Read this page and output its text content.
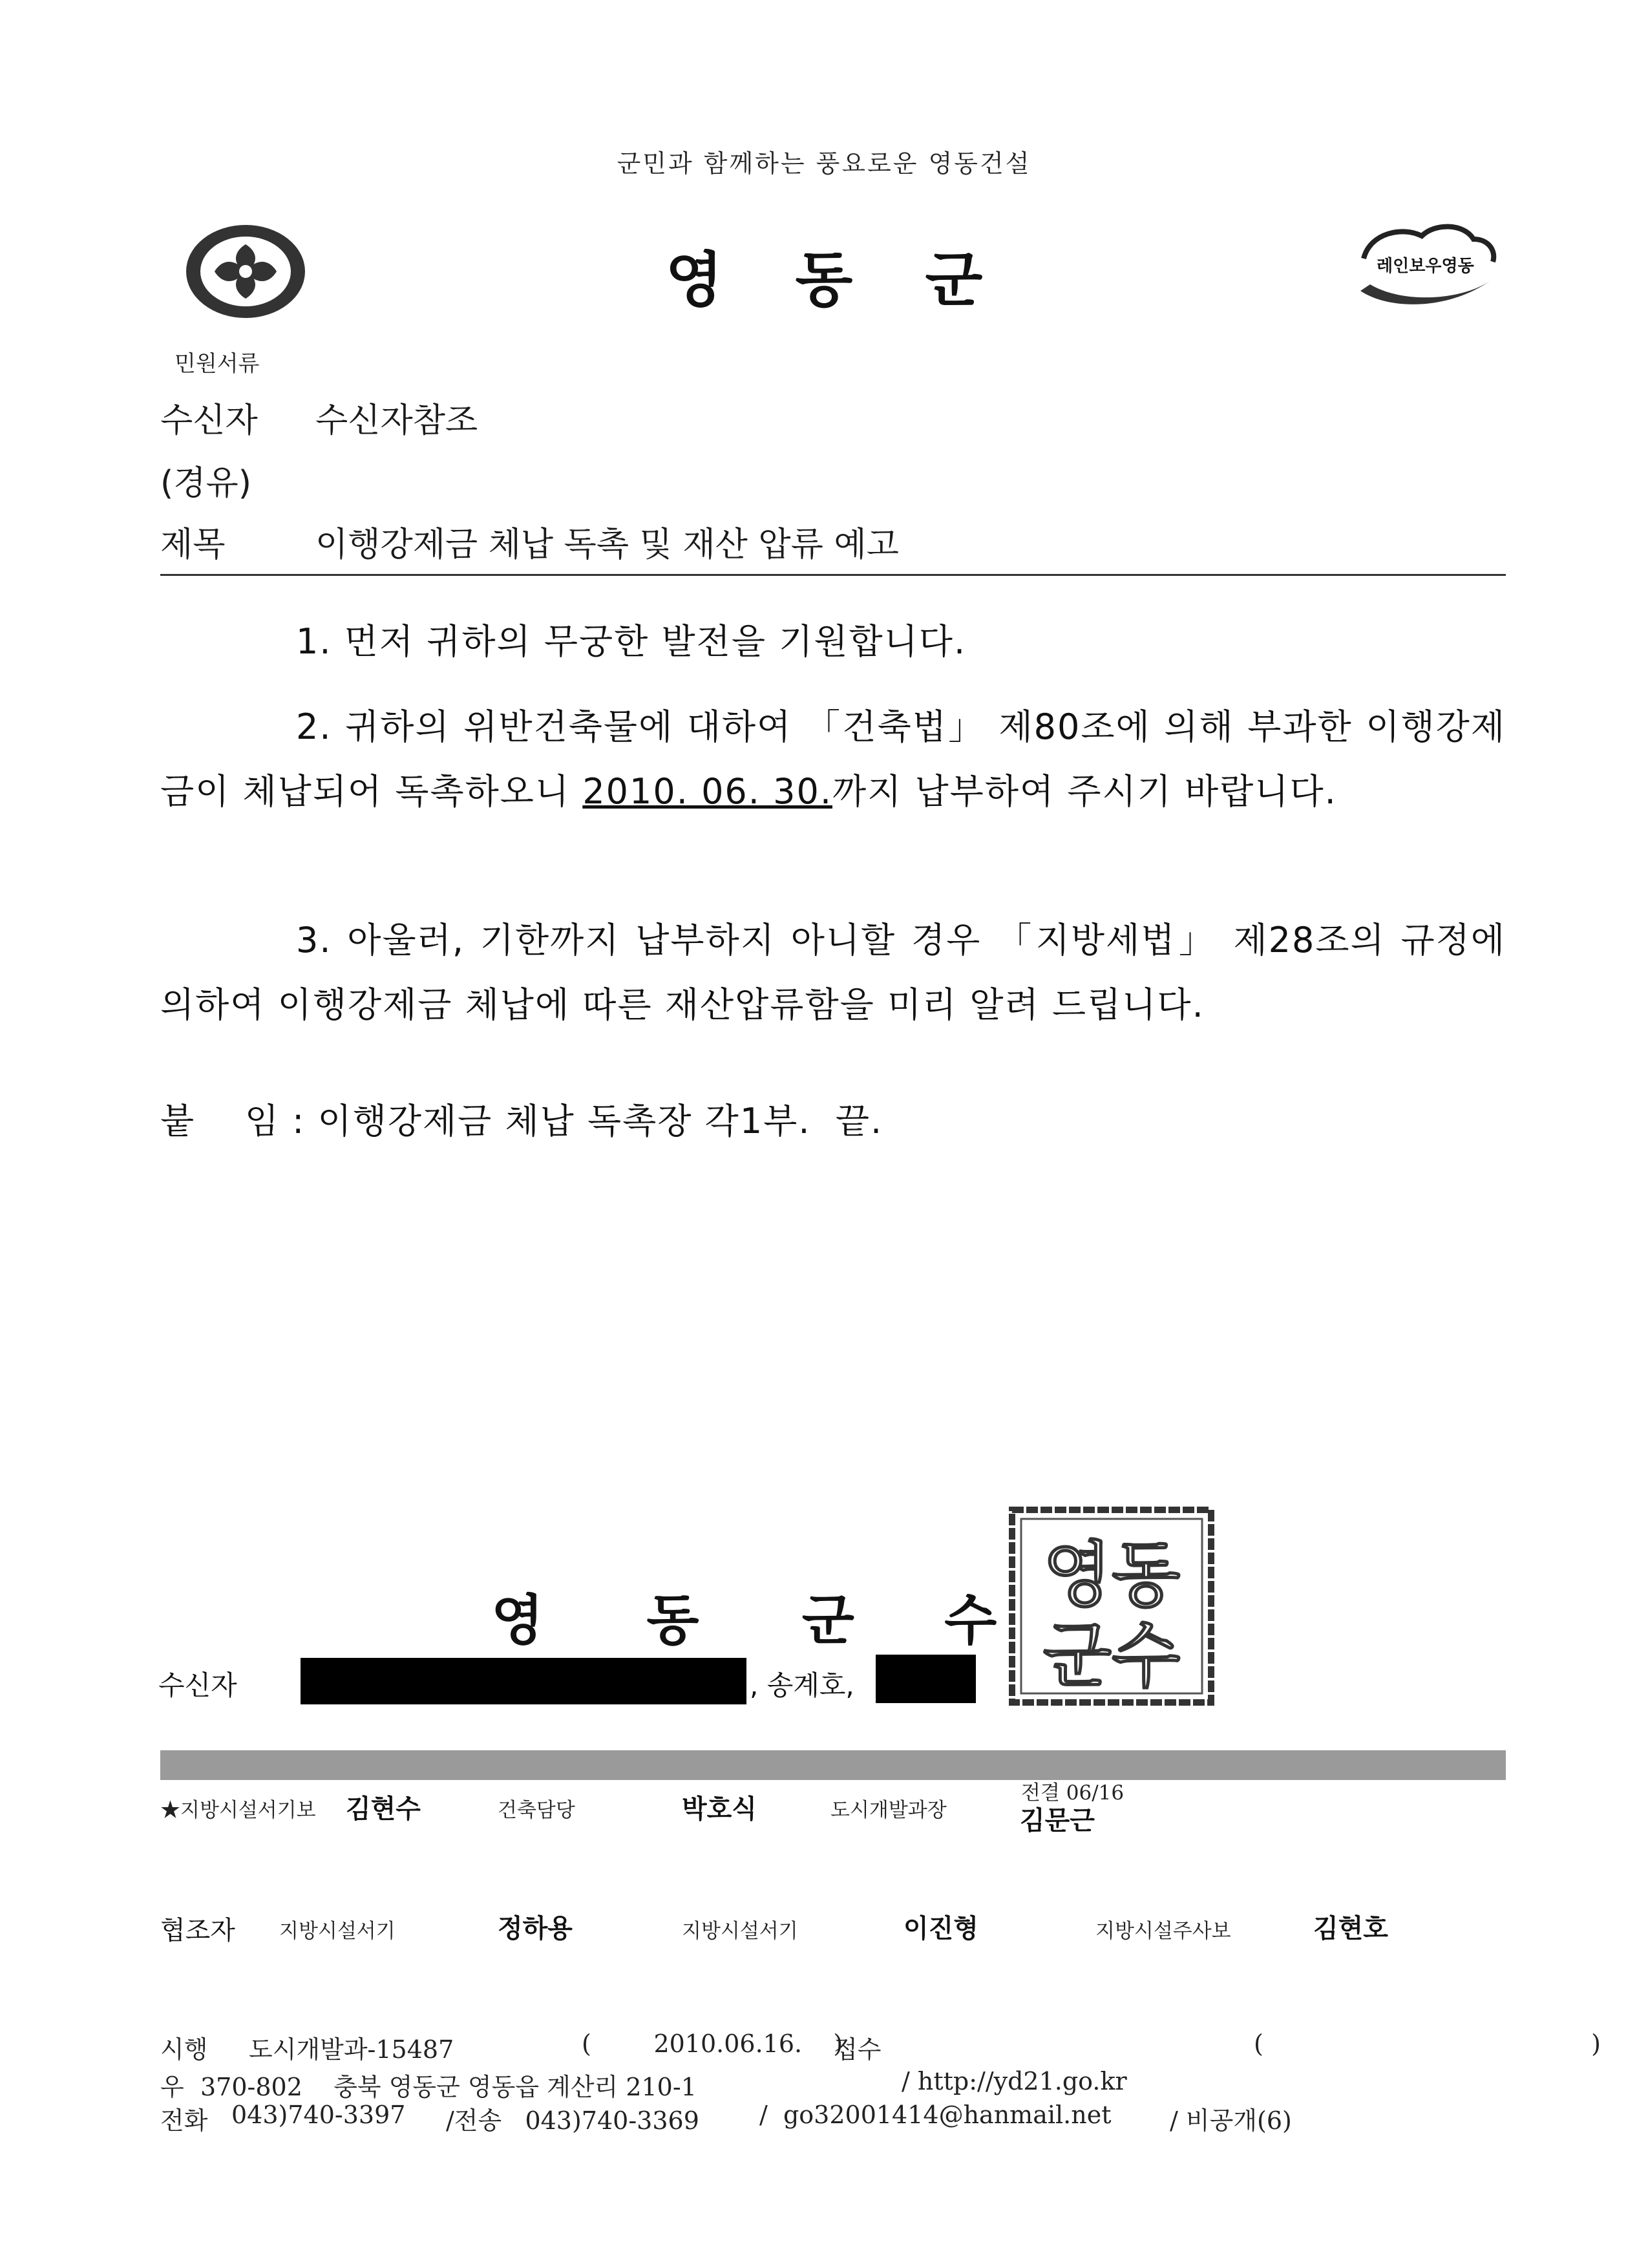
군민과 함께하는 풍요로운 영동건설
영 동 군	레인보우영동
민원서류
수신자 수신자참조
(경유)
제목	이행강제금 체납 독촉 및 재산 압류 예고
1. 먼저 귀하의 무궁한 발전을 기원합니다.
2. 귀하의 위반건축물에 대하여 「건축법」 제80조에 의해 부과한 이행강제금이 체납되어 독촉하오니 2010. 06. 30.까지 납부하여 주시기 바랍니다.
3. 아울러, 기한까지 납부하지 아니할 경우 「지방세법」 제28조의 규정에 의하여 이행강제금 체납에 따른 재산압류함을 미리 알려 드립니다.
붙    임 : 이행강제금 체납 독촉장 각1부.  끝.
영동
군수
영 동 군 수
수신자	, 송계호,
★지방시설서기보 김현수	건축담당	박호식	도시개발과장
전결 06/16
김문근
협조자 지방시설서기	정하용	지방시설서기	이진형	지방시설주사보	김현호
시행 도시개발과-15487	(        2010.06.16.    )
접수	(                                          )
우 370-802    충북 영동군 영동읍 계산리 210-1	/ http://yd21.go.kr
전화 043)740-3397 /전송   043)740-3369 /  go32001414@hanmail.net / 비공개(6)
